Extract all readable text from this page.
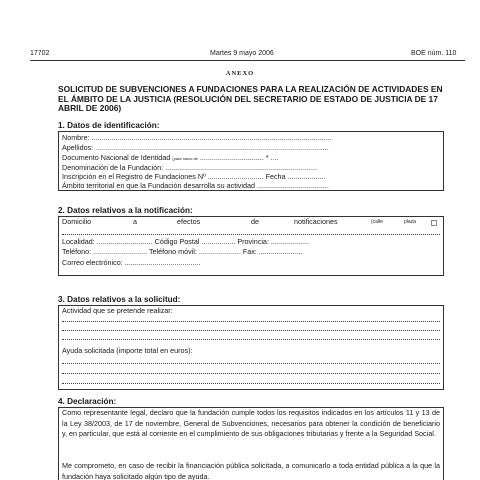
17702	Martes 9 mayo 2006	BOE núm. 110
ANEXO
SOLICITUD DE SUBVENCIONES A FUNDACIONES PARA LA REALIZACIÓN DE ACTIVIDADES EN EL ÁMBITO DE LA JUSTICIA (RESOLUCIÓN DEL SECRETARIO DE ESTADO DE JUSTICIA DE 17 ABRIL DE 2006)
1. Datos de identificación:
Nombre: ........................................................................................................................
Apellidos: .....................................................................................................................
Documento Nacional de Identidad (para nacio de ................................ * ....
Denominación de la Fundación: ............................................................................
Inscripción en el Registro de Fundaciones Nº ............................ Fecha ...................
Ámbito territorial en que la Fundación desarrolla su actividad ....................................
2. Datos relativos a la notificación:
Domicilio	a	efectos	de	notificaciones	(calle	plaza
Localidad: ............................ Código Postal ................. Provincia: ...................
Teléfono: ........................... Teléfono móvil: ..................... Fax: ......................
Correo electrónico: ......................................
3. Datos relativos a la solicitud:
Actividad que se pretende realizar:
Ayuda solicitada (importe total en euros):
4. Declaración:
Como representante legal, declaro que la fundación cumple todos los requisitos indicados en los artículos 11 y 13 de la Ley 38/2003, de 17 de noviembre, General de Subvenciones, necesarios para obtener la condición de beneficiario y, en particular, que está al corriente en el cumplimiento de sus obligaciones tributarias y frente a la Seguridad Social.
Me comprometo, en caso de recibir la financiación pública solicitada, a comunicarlo a toda entidad pública a la que la fundación haya solicitado algún tipo de ayuda.
